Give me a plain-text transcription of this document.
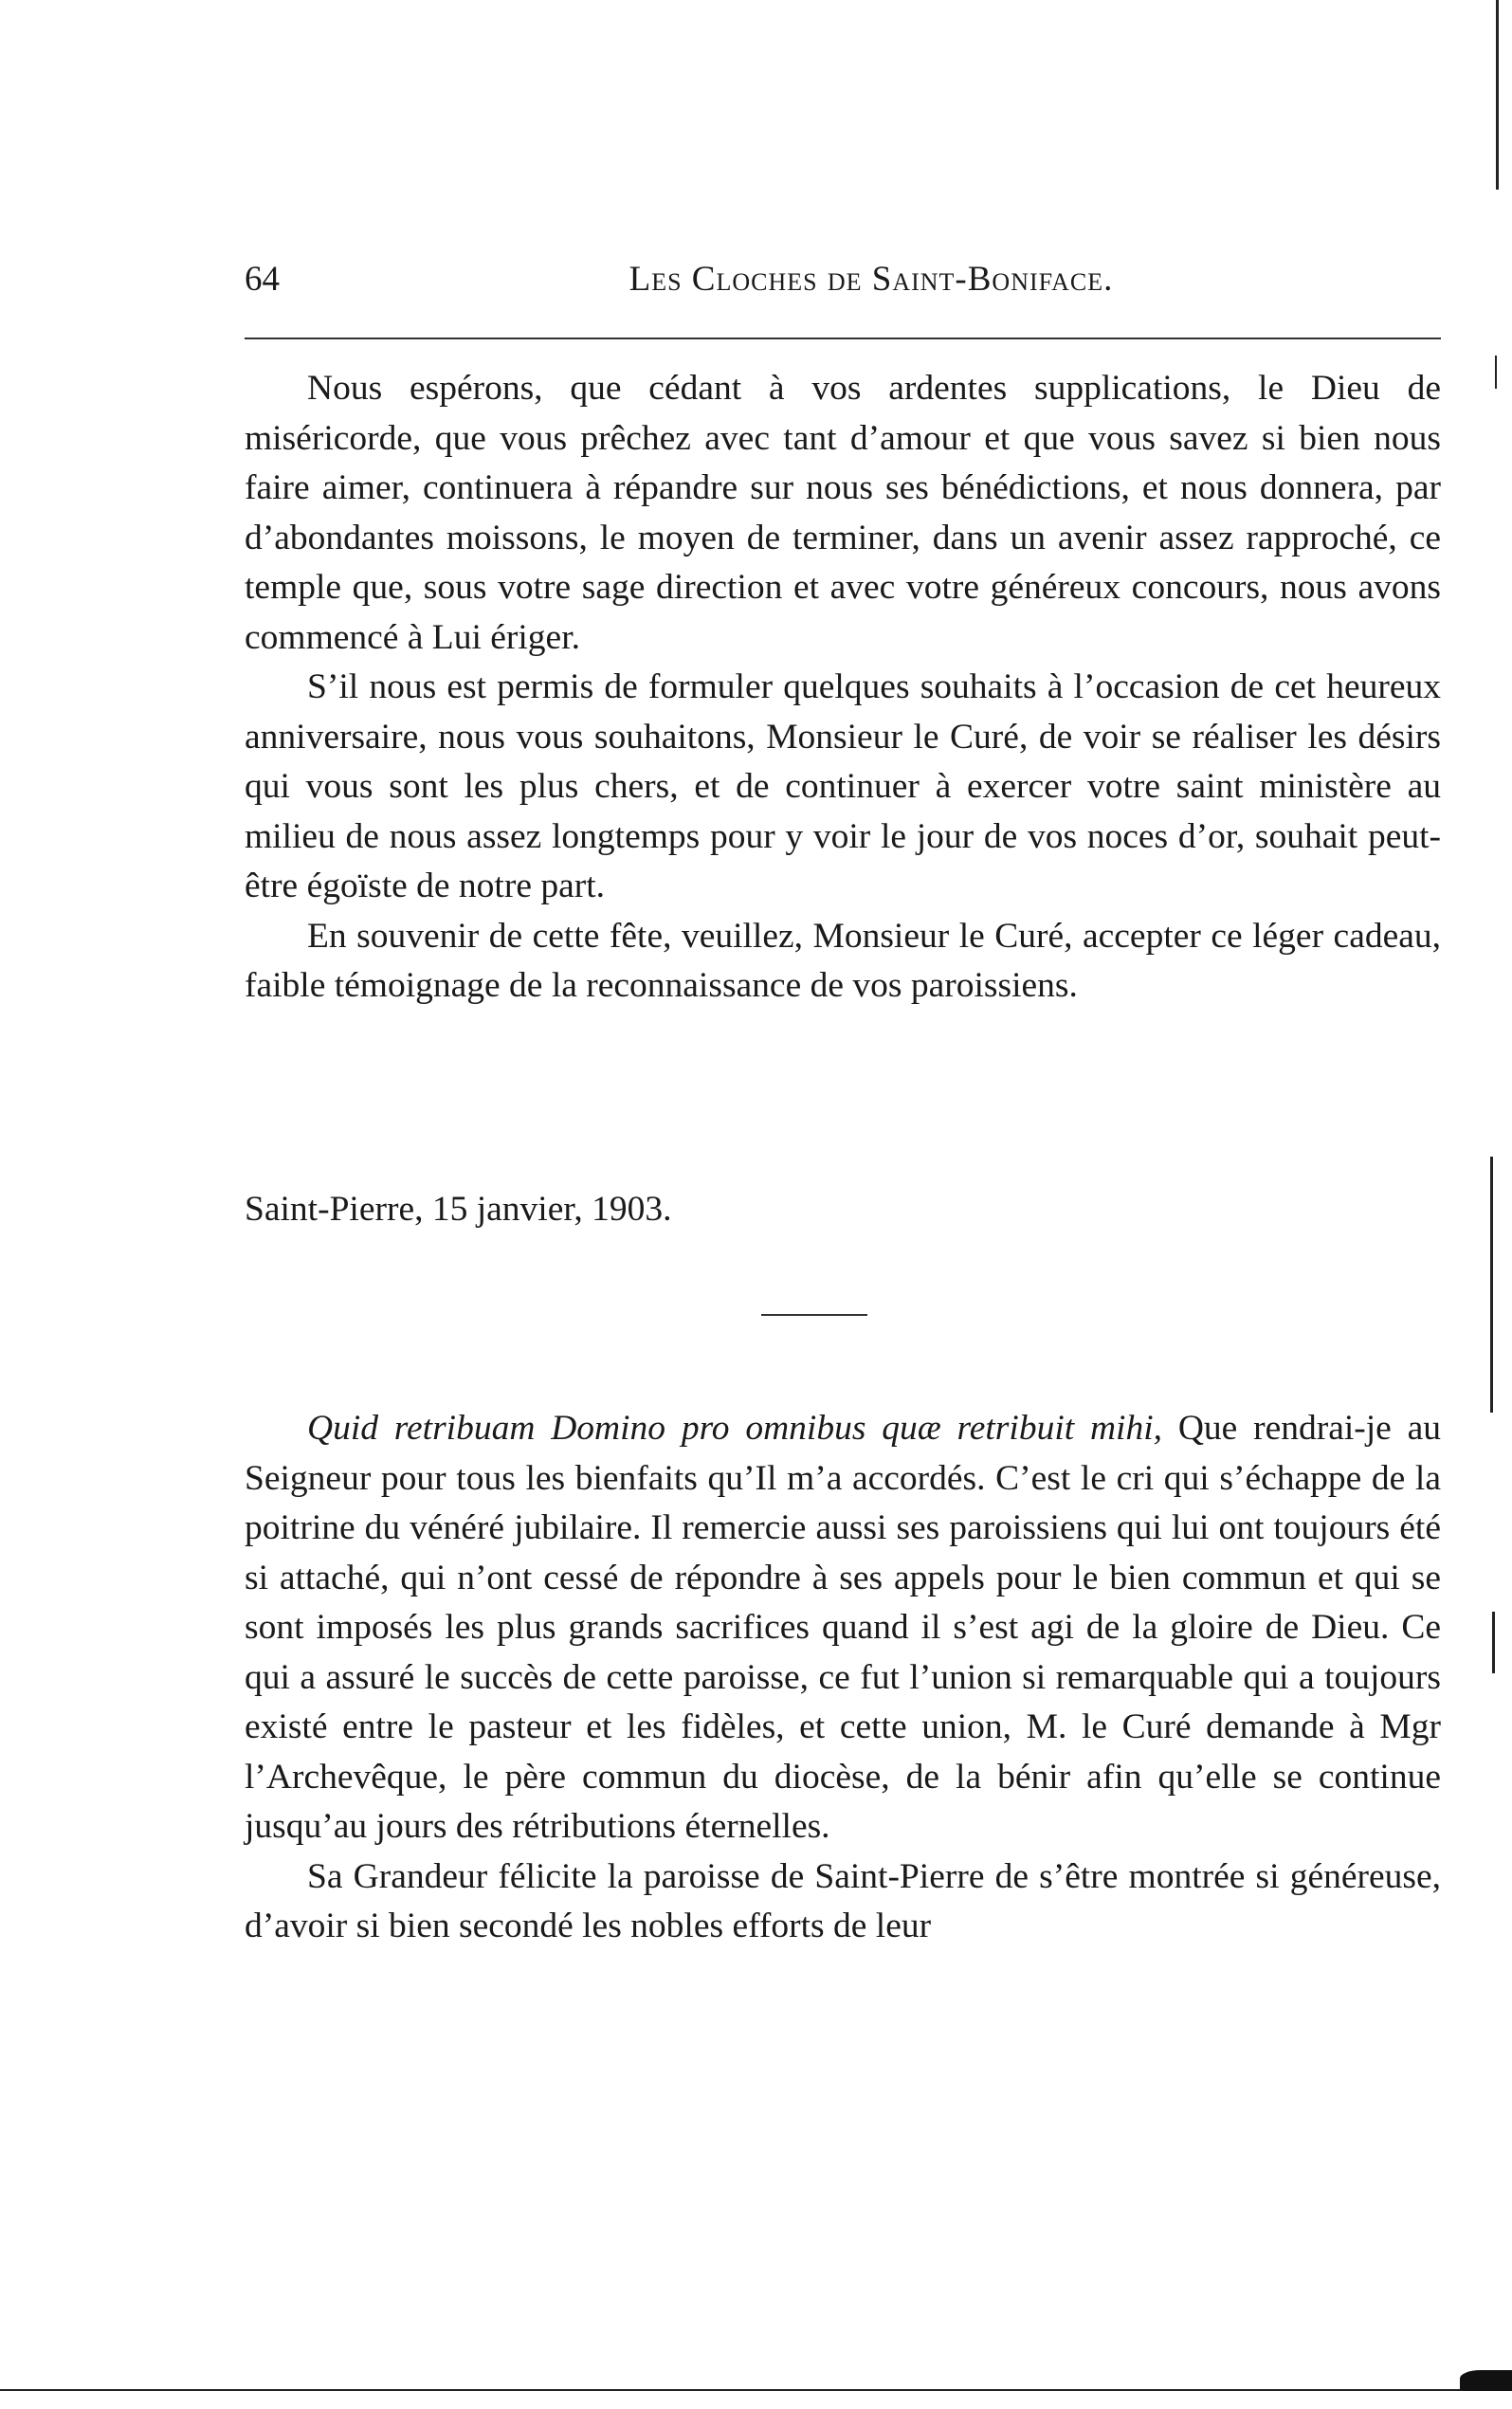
64	Les Cloches de Saint-Boniface.

Nous espérons, que cédant à vos ardentes supplications, le Dieu de miséricorde, que vous prêchez avec tant d’amour et que vous savez si bien nous faire aimer, continuera à répandre sur nous ses bénédictions, et nous donnera, par d’abondantes moissons, le moyen de terminer, dans un avenir assez rapproché, ce temple que, sous votre sage direction et avec votre généreux concours, nous avons commencé à Lui ériger.

S’il nous est permis de formuler quelques souhaits à l’occasion de cet heureux anniversaire, nous vous souhaitons, Monsieur le Curé, de voir se réaliser les désirs qui vous sont les plus chers, et de continuer à exercer votre saint ministère au milieu de nous assez longtemps pour y voir le jour de vos noces d’or, souhait peut-être égoïste de notre part.

En souvenir de cette fête, veuillez, Monsieur le Curé, accepter ce léger cadeau, faible témoignage de la reconnaissance de vos paroissiens.

Saint-Pierre, 15 janvier, 1903.

Quid retribuam Domino pro omnibus quæ retribuit mihi, Que rendrai-je au Seigneur pour tous les bienfaits qu’Il m’a accordés. C’est le cri qui s’échappe de la poitrine du vénéré jubilaire. Il remercie aussi ses paroissiens qui lui ont toujours été si attaché, qui n’ont cessé de répondre à ses appels pour le bien commun et qui se sont imposés les plus grands sacrifices quand il s’est agi de la gloire de Dieu. Ce qui a assuré le succès de cette paroisse, ce fut l’union si remarquable qui a toujours existé entre le pasteur et les fidèles, et cette union, M. le Curé demande à Mgr l’Archevêque, le père commun du diocèse, de la bénir afin qu’elle se continue jusqu’au jours des rétributions éternelles.

Sa Grandeur félicite la paroisse de Saint-Pierre de s’être montrée si généreuse, d’avoir si bien secondé les nobles efforts de leur
